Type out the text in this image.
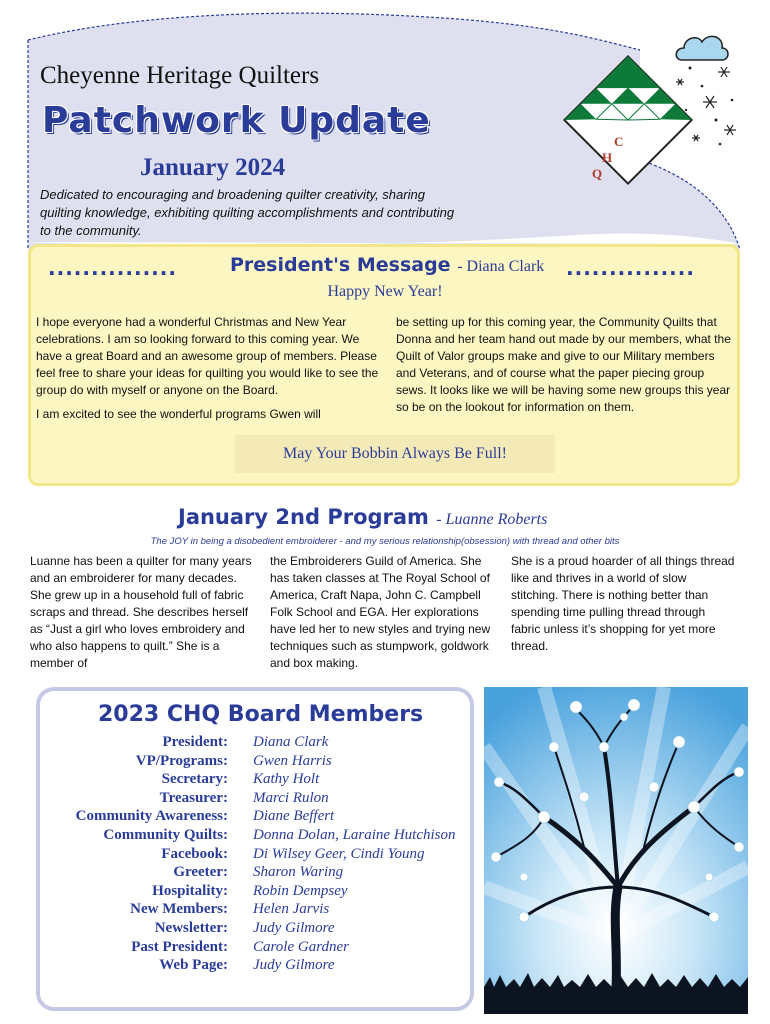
C
H
Q
Cheyenne Heritage Quilters
Patchwork Update
January 2024
Dedicated to encouraging and broadening quilter creativity, sharing quilting knowledge, exhibiting quilting accomplishments and contributing to the community.
...............	...............
President's Message - Diana Clark
Happy New Year!

I hope everyone had a wonderful Christmas and New Year celebrations. I am so looking forward to this coming year. We have a great Board and an awesome group of members. Please feel free to share your ideas for quilting you would like to see the group do with myself or anyone on the Board.

I am excited to see the wonderful programs Gwen will

be setting up for this coming year, the Community Quilts that Donna and her team hand out made by our members, what the Quilt of Valor groups make and give to our Military members and Veterans, and of course what the paper piecing group sews. It looks like we will be having some new groups this year so be on the lookout for information on them.

May Your Bobbin Always Be Full!
January 2nd Program - Luanne Roberts
The JOY in being a disobedient embroiderer - and my serious relationship(obsession) with thread and other bits
Luanne has been a quilter for many years and an embroiderer for many decades. She grew up in a household full of fabric scraps and thread. She describes herself as “Just a girl who loves embroidery and who also happens to quilt.” She is a member of
the Embroiderers Guild of America. She has taken classes at The Royal School of America, Craft Napa, John C. Campbell Folk School and EGA. Her explorations have led her to new styles and trying new techniques such as stumpwork, goldwork and box making.
She is a proud hoarder of all things thread like and thrives in a world of slow stitching. There is nothing better than spending time pulling thread through fabric unless it’s shopping for yet more thread.
2023 CHQ Board Members
President:
VP/Programs:
Secretary:
Treasurer:
Community Awareness:
Community Quilts:
Facebook:
Greeter:
Hospitality:
New Members:
Newsletter:
Past President:
Web Page:
Diana Clark
Gwen Harris
Kathy Holt
Marci Rulon
Diane Beffert
Donna Dolan, Laraine Hutchison
Di Wilsey Geer, Cindi Young
Sharon Waring
Robin Dempsey
Helen Jarvis
Judy Gilmore
Carole Gardner
Judy Gilmore
